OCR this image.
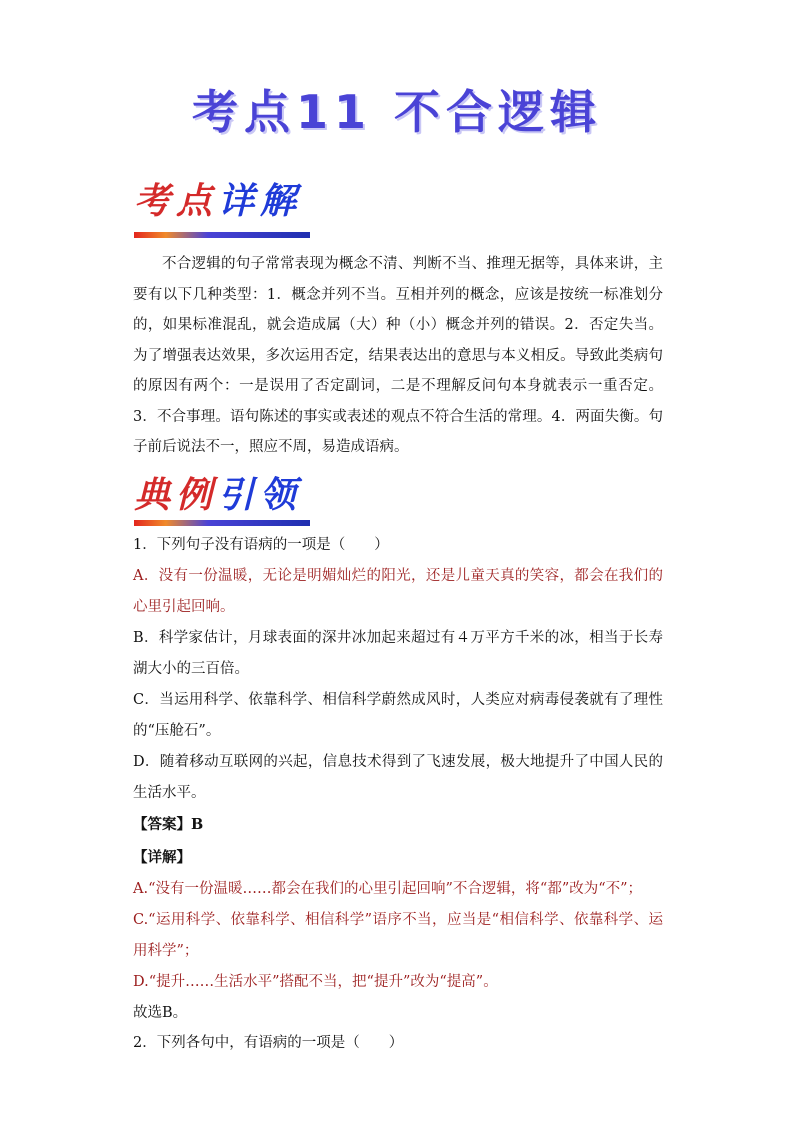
考点11 不合逻辑
考点详解

不合逻辑的句子常常表现为概念不清、判断不当、推理无据等，具体来讲，主要有以下几种类型：1．概念并列不当。互相并列的概念，应该是按统一标准划分的，如果标准混乱，就会造成属（大）种（小）概念并列的错误。2．否定失当。为了增强表达效果，多次运用否定，结果表达出的意思与本义相反。导致此类病句的原因有两个：一是误用了否定副词，二是不理解反问句本身就表示一重否定。3．不合事理。语句陈述的事实或表述的观点不符合生活的常理。4．两面失衡。句子前后说法不一，照应不周，易造成语病。

典例引领
1．下列句子没有语病的一项是（　　）
A．没有一份温暖，无论是明媚灿烂的阳光，还是儿童天真的笑容，都会在我们的心里引起回响。
B．科学家估计，月球表面的深井冰加起来超过有４万平方千米的冰，相当于长寿湖大小的三百倍。
C．当运用科学、依靠科学、相信科学蔚然成风时，人类应对病毒侵袭就有了理性的“压舱石”。
D．随着移动互联网的兴起，信息技术得到了飞速发展，极大地提升了中国人民的生活水平。
【答案】B
【详解】
A.“没有一份温暖……都会在我们的心里引起回响”不合逻辑，将“都”改为“不”；
C.“运用科学、依靠科学、相信科学”语序不当，应当是“相信科学、依靠科学、运用科学”；
D.“提升……生活水平”搭配不当，把“提升”改为“提高”。
故选B。
2．下列各句中，有语病的一项是（　　）
